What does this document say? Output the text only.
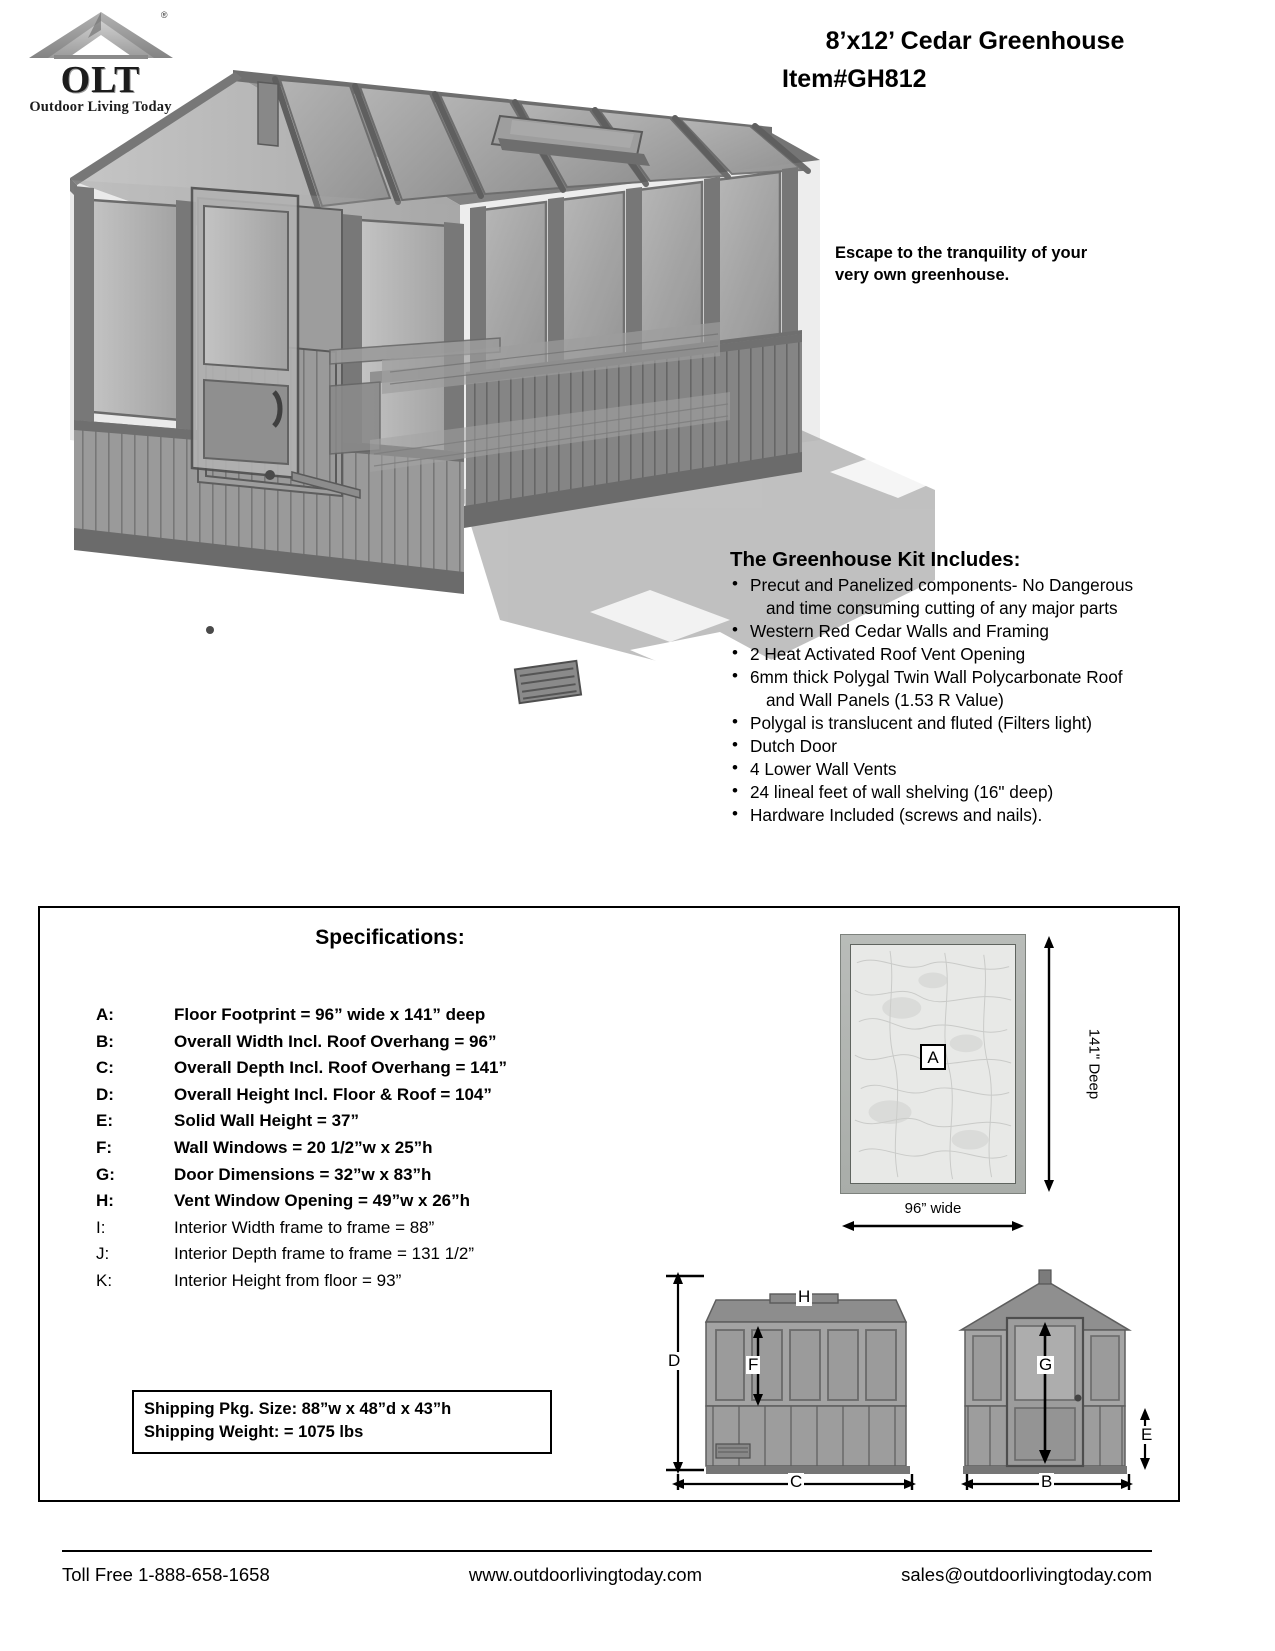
®
OLT
Outdoor Living Today
8’x12’ Cedar Greenhouse
Item#GH812
Escape to the tranquility of your
very own greenhouse.
The Greenhouse Kit Includes:
• Precut and Panelized components- No Dangerous
and time consuming cutting of any major parts
• Western Red Cedar Walls and Framing
• 2 Heat Activated Roof Vent Opening
• 6mm thick Polygal Twin Wall Polycarbonate Roof
and Wall Panels (1.53 R Value)
• Polygal is translucent and fluted (Filters light)
• Dutch Door
• 4 Lower Wall Vents
• 24 lineal feet of wall shelving (16" deep)
• Hardware Included (screws and nails).
Specifications:
A:	Floor Footprint = 96” wide x 141” deep
B:	Overall Width Incl. Roof Overhang = 96”
C:	Overall Depth Incl. Roof Overhang = 141”
D:	Overall Height Incl. Floor & Roof = 104”
E:	Solid Wall Height = 37”
F:	Wall Windows = 20 1/2”w x 25”h
G:	Door Dimensions = 32”w x 83”h
H:	Vent Window Opening = 49”w x 26”h
I:	Interior Width frame to frame = 88”
J:	Interior Depth frame to frame = 131 1/2”
K:	Interior Height from floor = 93”
Shipping Pkg. Size: 88”w x 48”d x 43”h
Shipping Weight: = 1075 lbs
A	141" Deep
96” wide
D	F
H
C
G
E
B
Toll Free 1-888-658-1658	www.outdoorlivingtoday.com	sales@outdoorlivingtoday.com
